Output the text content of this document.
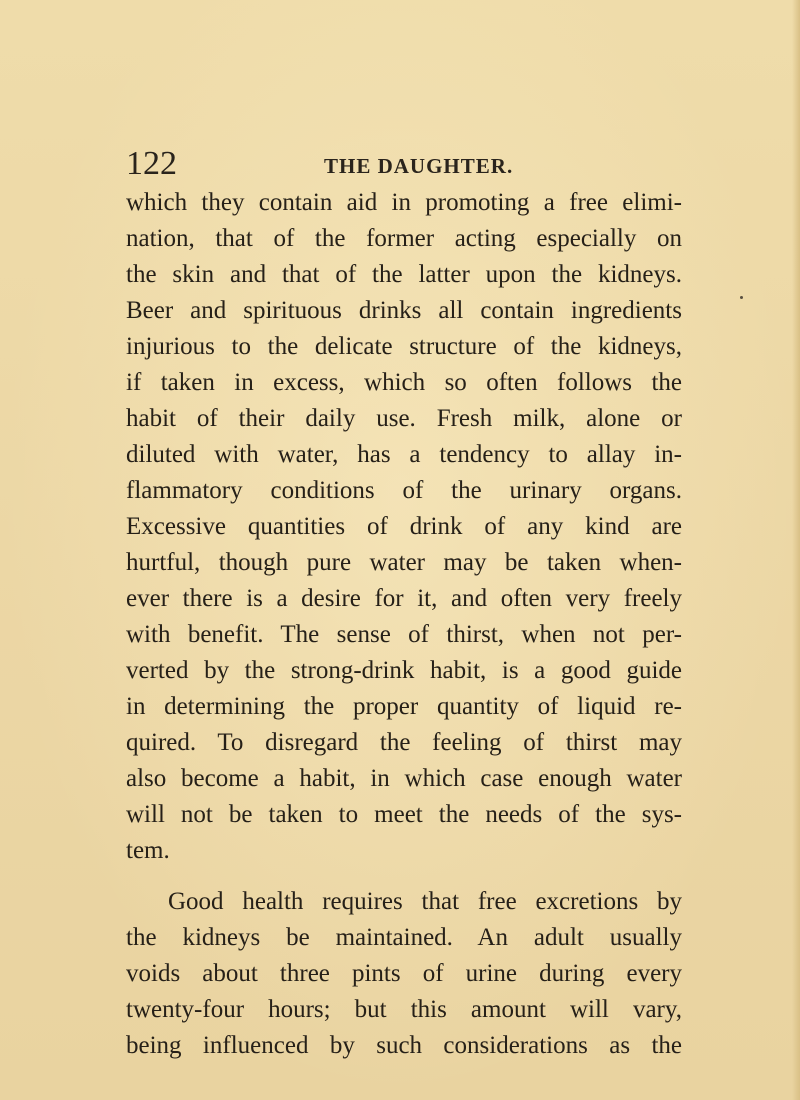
122	THE DAUGHTER.
which they contain aid in promoting a free elimi-
nation, that of the former acting especially on
the skin and that of the latter upon the kidneys.
Beer and spirituous drinks all contain ingredients
injurious to the delicate structure of the kidneys,
if taken in excess, which so often follows the
habit of their daily use. Fresh milk, alone or
diluted with water, has a tendency to allay in-
flammatory conditions of the urinary organs.
Excessive quantities of drink of any kind are
hurtful, though pure water may be taken when-
ever there is a desire for it, and often very freely
with benefit. The sense of thirst, when not per-
verted by the strong-drink habit, is a good guide
in determining the proper quantity of liquid re-
quired. To disregard the feeling of thirst may
also become a habit, in which case enough water
will not be taken to meet the needs of the sys-
tem.
Good health requires that free excretions by
the kidneys be maintained. An adult usually
voids about three pints of urine during every
twenty-four hours; but this amount will vary,
being influenced by such considerations as the
